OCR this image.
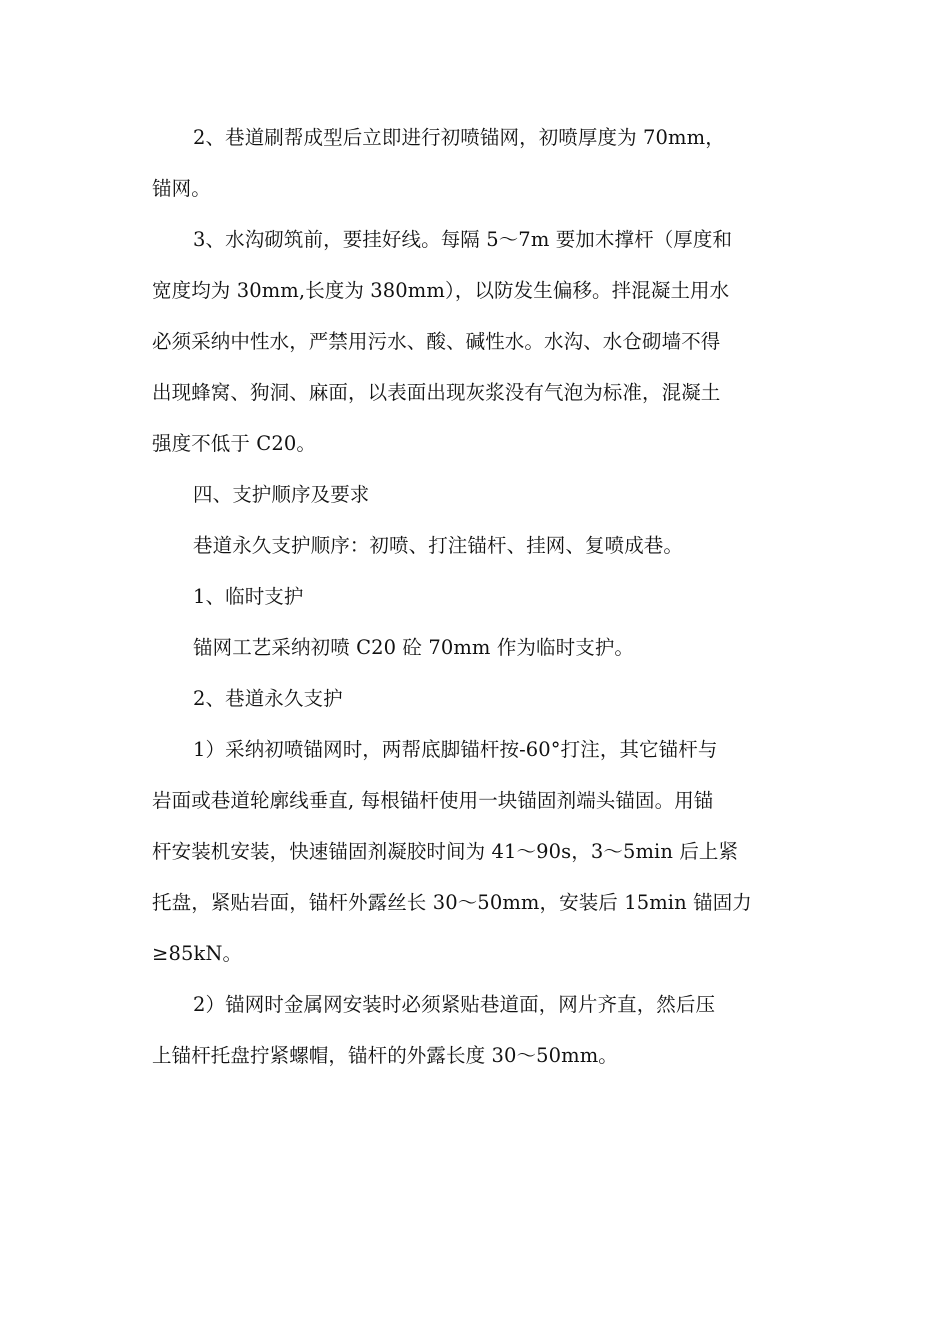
2、巷道刷帮成型后立即进行初喷锚网，初喷厚度为 70mm，
锚网。
3、水沟砌筑前，要挂好线。每隔 5～7m 要加木撑杆（厚度和
宽度均为 30mm,长度为 380mm），以防发生偏移。拌混凝土用水
必须采纳中性水，严禁用污水、酸、碱性水。水沟、水仓砌墙不得
出现蜂窝、狗洞、麻面，以表面出现灰浆没有气泡为标准，混凝土
强度不低于 C20。
四、支护顺序及要求
巷道永久支护顺序：初喷、打注锚杆、挂网、复喷成巷。
1、临时支护
锚网工艺采纳初喷 C20 砼 70mm 作为临时支护。
2、巷道永久支护
1）采纳初喷锚网时，两帮底脚锚杆按-60°打注，其它锚杆与
岩面或巷道轮廓线垂直, 每根锚杆使用一块锚固剂端头锚固。用锚
杆安装机安装，快速锚固剂凝胶时间为 41～90s，3～5min 后上紧
托盘，紧贴岩面，锚杆外露丝长 30～50mm，安装后 15min 锚固力
≥85kN。
2）锚网时金属网安装时必须紧贴巷道面，网片齐直，然后压
上锚杆托盘拧紧螺帽，锚杆的外露长度 30～50mm。
